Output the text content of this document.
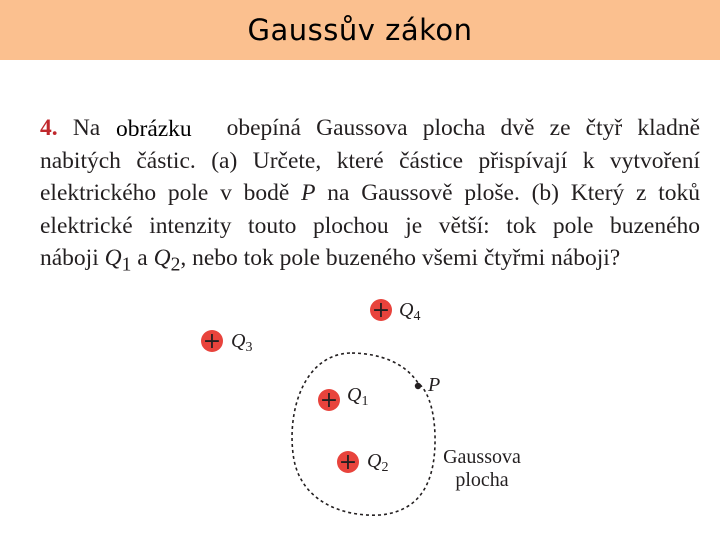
Gaussův zákon
4. Na	obepíná Gaussova plocha dvě ze čtyř kladně
nabitých částic. (a) Určete, které částice přispívají k vytvoření
elektrického pole v bodě P na Gaussově ploše. (b) Který z toků
elektrické intenzity touto plochou je větší: tok pole buzeného
náboji $Q_1$ a $Q_2$, nebo tok pole buzeného všemi čtyřmi náboji?
obrázku
P
+ $Q_4$
+ $Q_3$
+ $Q_1$
+ $Q_2$	Gaussova
plocha
